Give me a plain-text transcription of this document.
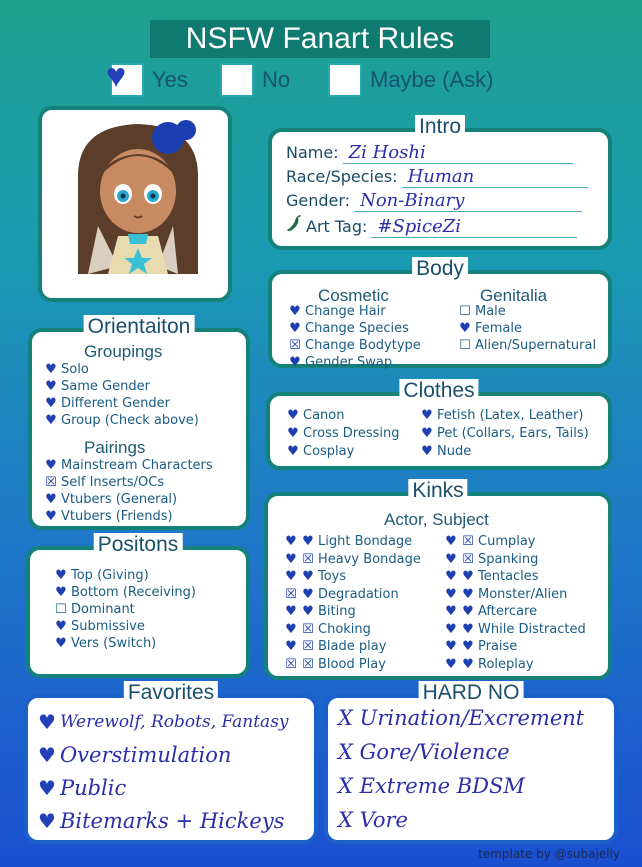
NSFW Fanart Rules
♥ Yes	No	Maybe (Ask)
Intro
Name: Zi Hoshi
Race/Species: Human
Gender: Non-Binary
Art Tag: #SpiceZi
Body
Cosmetic	Genitalia
♥ Change Hair
♥ Change Species
☒ Change Bodytype
♥ Gender Swap
☐ Male
♥ Female
☐ Alien/Supernatural
Orientaiton
Groupings
♥ Solo
♥ Same Gender
♥ Different Gender
♥ Group (Check above)
Pairings
♥ Mainstream Characters
☒ Self Inserts/OCs
♥ Vtubers (General)
♥ Vtubers (Friends)
Clothes
♥ Canon
♥ Cross Dressing
♥ Cosplay
♥ Fetish (Latex, Leather)
♥ Pet (Collars, Ears, Tails)
♥ Nude
Positons
♥ Top (Giving)
♥ Bottom (Receiving)
☐ Dominant
♥ Submissive
♥ Vers (Switch)
Kinks
Actor, Subject
♥ ♥ Light Bondage
♥ ☒ Heavy Bondage
♥ ♥ Toys
☒ ♥ Degradation
♥ ♥ Biting
♥ ☒ Choking
♥ ☒ Blade play
☒ ☒ Blood Play
♥ ☒ Cumplay
♥ ☒ Spanking
♥ ♥ Tentacles
♥ ♥ Monster/Alien
♥ ♥ Aftercare
♥ ♥ While Distracted
♥ ♥ Praise
♥ ♥ Roleplay
Favorites
♥ Werewolf, Robots, Fantasy
♥ Overstimulation
♥ Public
♥ Bitemarks + Hickeys
HARD NO
X Urination/Excrement
X Gore/Violence
X Extreme BDSM
X Vore
template by @subajelly
